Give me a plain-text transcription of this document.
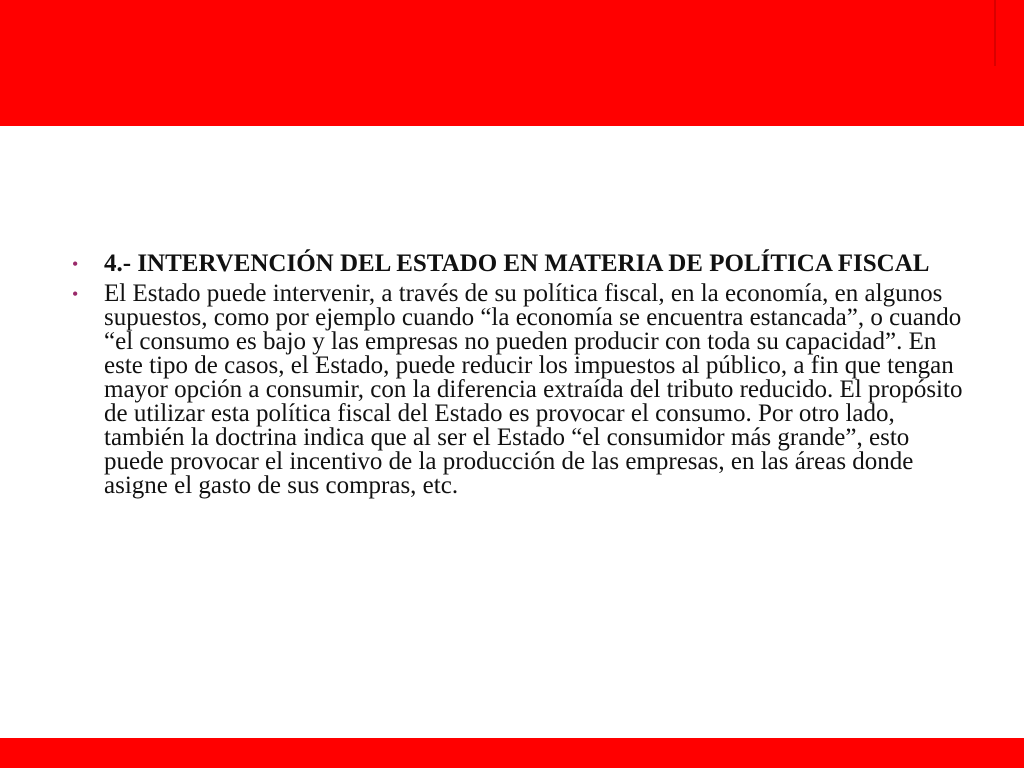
•	4.- INTERVENCIÓN DEL ESTADO EN MATERIA DE POLÍTICA FISCAL
•	El Estado puede intervenir, a través de su política fiscal, en la economía, en algunos supuestos, como por ejemplo cuando “la economía se encuentra estancada”, o cuando “el consumo es bajo y las empresas no pueden producir con toda su capacidad”. En este tipo de casos, el Estado, puede reducir los impuestos al público, a fin que tengan mayor opción a consumir, con la diferencia extraída del tributo reducido. El propósito de utilizar esta política fiscal del Estado es provocar el consumo. Por otro lado, también la doctrina indica que al ser el Estado “el consumidor más grande”, esto puede provocar el incentivo de la producción de las empresas, en las áreas donde asigne el gasto de sus compras, etc.
